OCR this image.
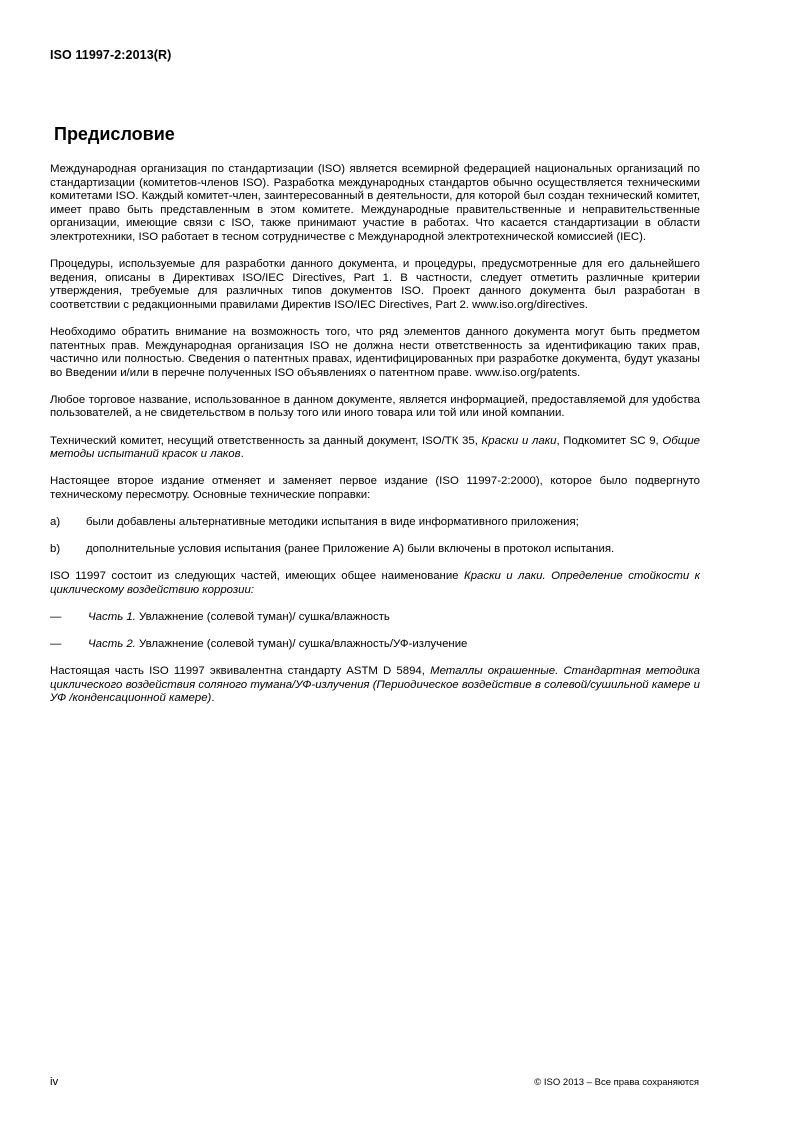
ISO 11997-2:2013(R)
Предисловие

Международная организация по стандартизации (ISO) является всемирной федерацией национальных организаций по стандартизации (комитетов-членов ISO). Разработка международных стандартов обычно осуществляется техническими комитетами ISO. Каждый комитет-член, заинтересованный в деятельности, для которой был создан технический комитет, имеет право быть представленным в этом комитете. Международные правительственные и неправительственные организации, имеющие связи с ISO, также принимают участие в работах. Что касается стандартизации в области электротехники, ISO работает в тесном сотрудничестве с Международной электротехнической комиссией (IEC).

Процедуры, используемые для разработки данного документа, и процедуры, предусмотренные для его дальнейшего ведения, описаны в Директивах ISO/IEC Directives, Part 1. В частности, следует отметить различные критерии утверждения, требуемые для различных типов документов ISO. Проект данного документа был разработан в соответствии с редакционными правилами Директив ISO/IEC Directives, Part 2. www.iso.org/directives.

Необходимо обратить внимание на возможность того, что ряд элементов данного документа могут быть предметом патентных прав. Международная организация ISO не должна нести ответственность за идентификацию таких прав, частично или полностью. Сведения о патентных правах, идентифицированных при разработке документа, будут указаны во Введении и/или в перечне полученных ISO объявлениях о патентном праве. www.iso.org/patents.

Любое торговое название, использованное в данном документе, является информацией, предоставляемой для удобства пользователей, а не свидетельством в пользу того или иного товара или той или иной компании.

Технический комитет, несущий ответственность за данный документ, ISO/ТК 35, Краски и лаки, Подкомитет SC 9, Общие методы испытаний красок и лаков.

Настоящее второе издание отменяет и заменяет первое издание (ISO 11997-2:2000), которое было подвергнуто техническому пересмотру. Основные технические поправки:

a)	были добавлены альтернативные методики испытания в виде информативного приложения;
b)	дополнительные условия испытания (ранее Приложение А) были включены в протокол испытания.

ISO 11997 состоит из следующих частей, имеющих общее наименование Краски и лаки. Определение стойкости к циклическому воздействию коррозии:

—	Часть 1. Увлажнение (солевой туман)/ сушка/влажность
—	Часть 2. Увлажнение (солевой туман)/ сушка/влажность/УФ-излучение

Настоящая часть ISO 11997 эквивалентна стандарту ASTM D 5894, Металлы окрашенные. Стандартная методика циклического воздействия соляного тумана/УФ-излучения (Периодическое воздействие в солевой/сушильной камере и УФ /конденсационной камере).

iv	© ISO 2013 – Все права сохраняются
